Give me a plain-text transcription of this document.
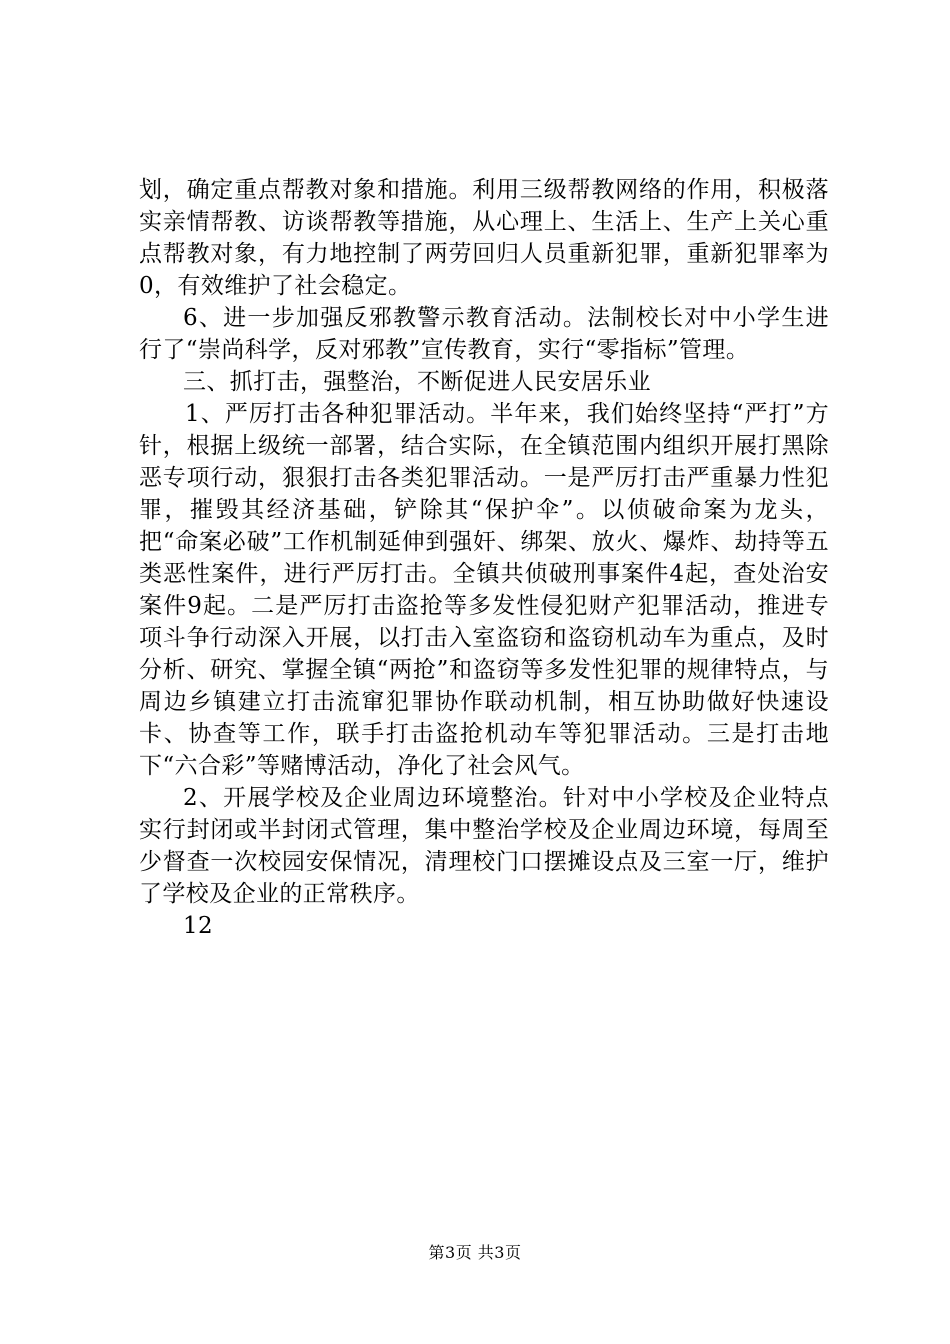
划，确定重点帮教对象和措施。利用三级帮教网络的作用，积极落实亲情帮教、访谈帮教等措施，从心理上、生活上、生产上关心重点帮教对象，有力地控制了两劳回归人员重新犯罪，重新犯罪率为0，有效维护了社会稳定。

6、进一步加强反邪教警示教育活动。法制校长对中小学生进行了“崇尚科学，反对邪教”宣传教育，实行“零指标”管理。

三、抓打击，强整治，不断促进人民安居乐业

1、严厉打击各种犯罪活动。半年来，我们始终坚持“严打”方针，根据上级统一部署，结合实际，在全镇范围内组织开展打黑除恶专项行动，狠狠打击各类犯罪活动。一是严厉打击严重暴力性犯罪，摧毁其经济基础，铲除其“保护伞”。以侦破命案为龙头，把“命案必破”工作机制延伸到强奸、绑架、放火、爆炸、劫持等五类恶性案件，进行严厉打击。全镇共侦破刑事案件4起，查处治安案件9起。二是严厉打击盗抢等多发性侵犯财产犯罪活动，推进专项斗争行动深入开展，以打击入室盗窃和盗窃机动车为重点，及时分析、研究、掌握全镇“两抢”和盗窃等多发性犯罪的规律特点，与周边乡镇建立打击流窜犯罪协作联动机制，相互协助做好快速设卡、协查等工作，联手打击盗抢机动车等犯罪活动。三是打击地下“六合彩”等赌博活动，净化了社会风气。

2、开展学校及企业周边环境整治。针对中小学校及企业特点实行封闭或半封闭式管理，集中整治学校及企业周边环境，每周至少督查一次校园安保情况，清理校门口摆摊设点及三室一厅，维护了学校及企业的正常秩序。

12

第3页 共3页
